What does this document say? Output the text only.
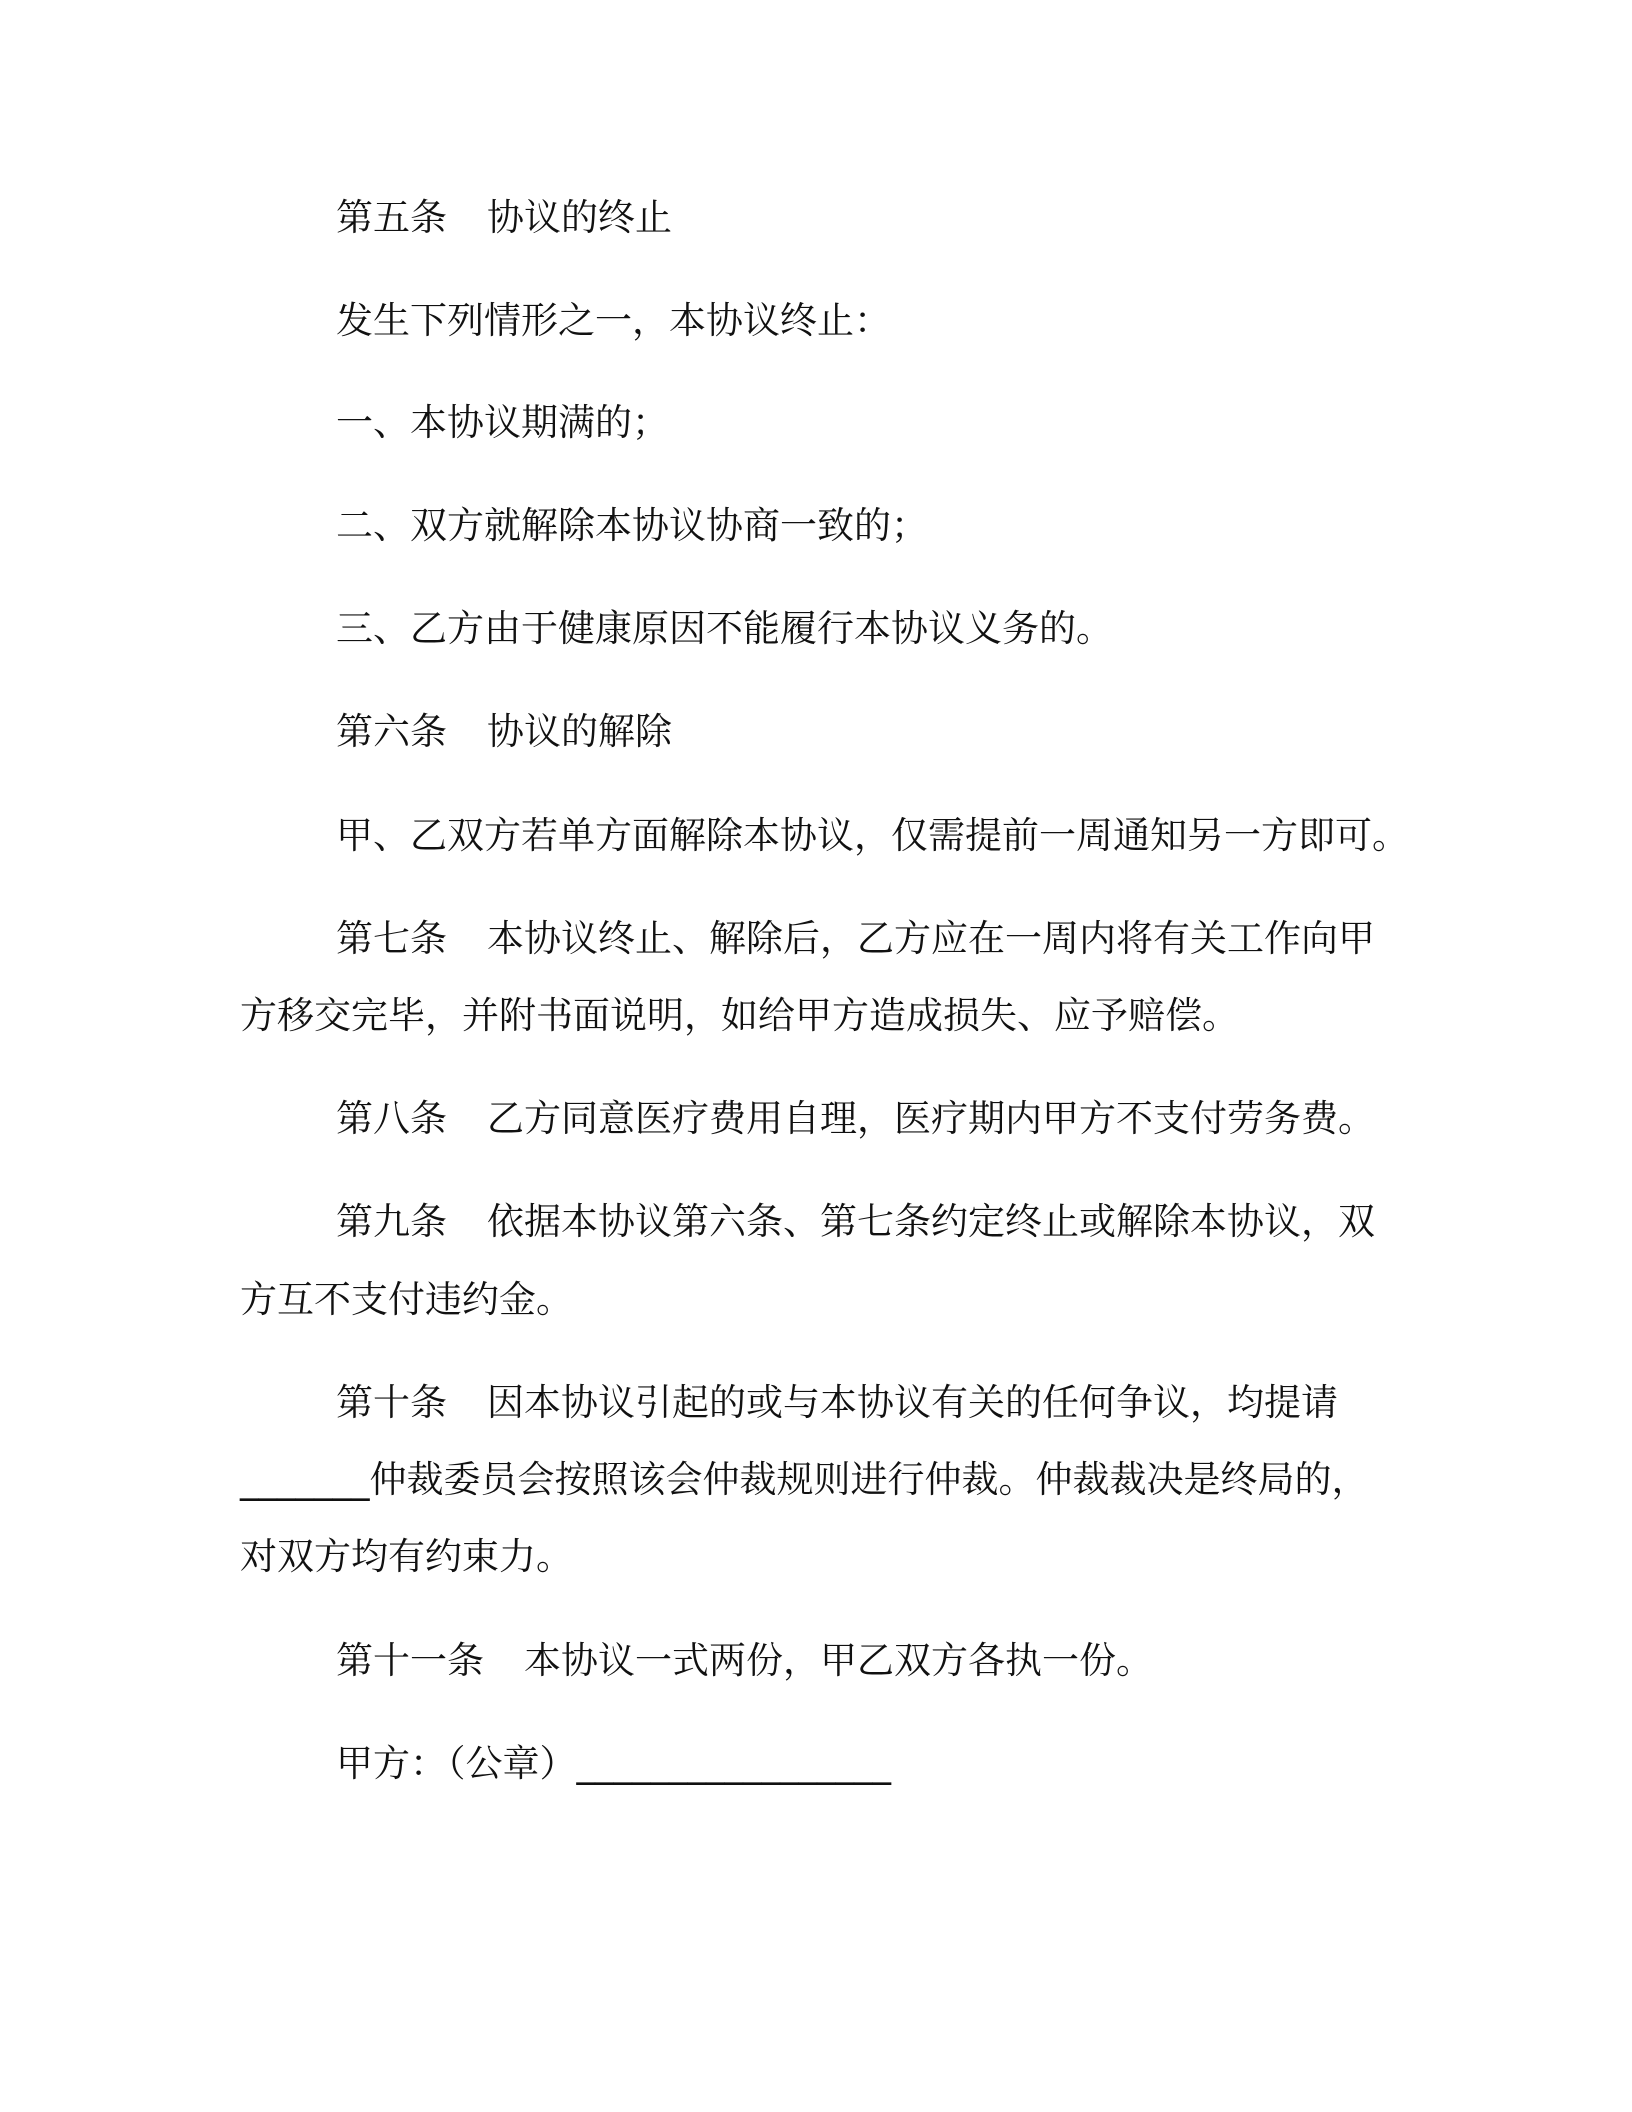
第五条 协议的终止
发生下列情形之一，本协议终止：
一、本协议期满的；
二、双方就解除本协议协商一致的；
三、乙方由于健康原因不能履行本协议义务的。
第六条 协议的解除
甲、乙双方若单方面解除本协议，仅需提前一周通知另一方即可。
第七条 本协议终止、解除后，乙方应在一周内将有关工作向甲
方移交完毕，并附书面说明，如给甲方造成损失、应予赔偿。
第八条 乙方同意医疗费用自理，医疗期内甲方不支付劳务费。
第九条 依据本协议第六条、第七条约定终止或解除本协议，双
方互不支付违约金。
第十条 因本协议引起的或与本协议有关的任何争议，均提请
_______仲裁委员会按照该会仲裁规则进行仲裁。仲裁裁决是终局的，
对双方均有约束力。
第十一条 本协议一式两份，甲乙双方各执一份。
甲方：（公章）_________________
